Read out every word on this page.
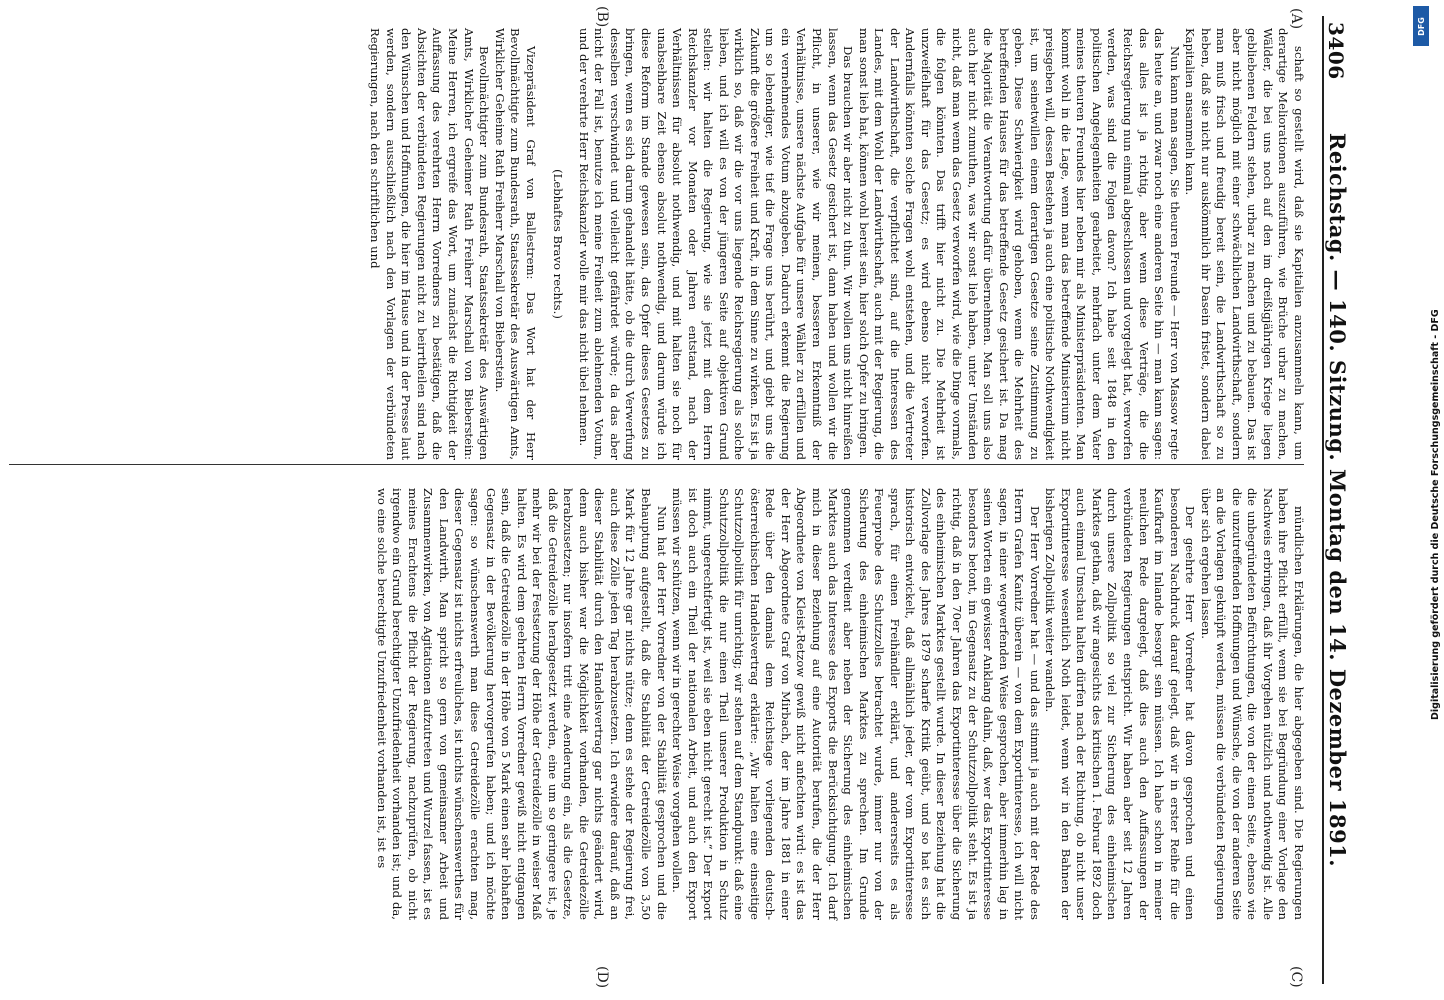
3406
Reichstag. — 140. Sitzung. Montag den 14. Dezember 1891.
(A)
(B)
(C)
(D)

schaft so gestellt wird, daß sie Kapitalien anzusammeln kann, um derartige Meliorationen auszuführen, wie Brüche urbar zu machen, Wälder, die bei uns noch auf den im dreißigjährigen Kriege liegen gebliebenen Feldern stehen, urbar zu machen und zu bebauen. Das ist aber nicht möglich mit einer schwächlichen Landwirthschaft, sondern man muß frisch und freudig bereit sein, die Landwirthschaft so zu heben, daß sie nicht nur auskömmlich ihr Dasein fristet, sondern dabei Kapitalien ansammeln kann.

Nun kann man sagen, Sie theuren Freunde — Herr von Massow regte das heute an, und zwar noch eine anderen Seite hin — man kann sagen: das alles ist ja richtig, aber wenn diese Verträge, die die Reichsregierung nun einmal abgeschlossen und vorgelegt hat, verworfen werden, was sind die Folgen davon? Ich habe seit 1848 in den politischen Angelegenheiten gearbeitet, mehrfach unter dem Vater meines theuren Freundes hier neben mir als Ministerpräsidenten. Man kommt wohl in die Lage, wenn man das betreffende Ministerium nicht preisgeben will, dessen Bestehen ja auch eine politische Nothwendigkeit ist, um seinetwillen einem derartigen Gesetze seine Zustimmung zu geben. Diese Schwierigkeit wird gehoben, wenn die Mehrheit des betreffenden Hauses für das betreffende Gesetz gesichert ist. Da mag die Majorität die Verantwortung dafür übernehmen. Man soll uns also auch hier nicht zumuthen, was wir sonst lieb haben, unter Umständen nicht, daß man wenn das Gesetz verworfen wird, wie die Dinge vormals, die folgen könnten. Das trifft hier nicht zu. Die Mehrheit ist unzweifelhaft für das Gesetz; es wird ebenso nicht verworfen. Andernfalls könnten solche Fragen wohl entstehen, und die Vertreter der Landwirthschaft, die verpflichtet sind, auf die Interessen des Landes, mit dem Wohl der Landwirthschaft, auch mit der Regierung, die man sonst lieb hat, können wohl bereit sein, hier solch Opfer zu bringen.

Das brauchen wir aber nicht zu thun. Wir wollen uns nicht hinreißen lassen, wenn das Gesetz gesichert ist, dann haben und wollen wir die Pflicht, in unserer, wie wir meinen, besseren Erkenntniß der Verhältnisse, unsere nächste Aufgabe für unsere Wähler zu erfüllen und ein vernehmendes Votum abzugeben. Dadurch erkennt die Regierung um so lebendiger, wie tief die Frage uns berührt, und giebt uns die Zukunft die größere Freiheit und Kraft, in dem Sinne zu wirken. Es ist ja wirklich so, daß wir die vor uns liegende Reichsregierung als solche lieben, und ich will es von der jüngeren Seite auf objektiven Grund stellen: wir halten die Regierung, wie sie jetzt mit dem Herrn Reichskanzler vor Monaten oder Jahren entstand, nach der Verhältnissen für absolut nothwendig, und mit halten sie noch für unabsehbare Zeit ebenso absolut nothwendig, und darum würde ich diese Reform im Stande gewesen sein, das Opfer dieses Gesetzes zu bringen, wenn es sich darum gehandelt hätte, ob die durch Verwerfung desselben verschwindet und vielleicht gefährdet würde; da das aber nicht der Fall ist, benutze ich meine Freiheit zum ablehnenden Votum, und der verehrte Herr Reichskanzler wolle mir das nicht übel nehmen.

(Lebhaftes Bravo rechts.)

Vizepräsident Graf von Ballestrem: Das Wort hat der Herr Bevollmächtigte zum Bundesrath, Staatssekretär des Auswärtigen Amts, Wirklicher Geheime Rath Freiherr Marschall von Bieberstein.

Bevollmächtigter zum Bundesrath, Staatssekretär des Auswärtigen Amts, Wirklicher Geheimer Rath Freiherr Marschall von Bieberstein: Meine Herren, ich ergreife das Wort, um zunächst die Richtigkeit der Auffassung des verehrten Herrn Vorredners zu bestätigen, daß die Absichten der verbündeten Regierungen nicht zu beirrtheilen sind nach den Wünschen und Hoffnungen, die hier im Hause und in der Presse laut werden, sondern ausschließlich nach den Vorlagen der verbündeten Regierungen, nach den schriftlichen und

mündlichen Erklärungen, die hier abgegeben sind. Die Regierungen haben ihre Pflicht erfüllt, wenn sie bei Begründung einer Vorlage den Nachweis erbringen, daß ihr Vorgehen nützlich und nothwendig ist. Alle die unbegründeten Befürchtungen, die von der einen Seite, ebenso wie die unzutreffenden Hoffnungen und Wünsche, die von der anderen Seite an die Vorlagen geknüpft werden, müssen die verbündeten Regierungen über sich ergehen lassen.

Der geehrte Herr Vorredner hat davon gesprochen und einen besonderen Nachdruck darauf gelegt, daß wir in erster Reihe für die Kaufkraft im Inlande besorgt sein müssen. Ich habe schon in meiner neulichen Rede dargelegt, daß dies auch den Auffassungen der verbündeten Regierungen entspricht. Wir haben aber seit 12 Jahren durch unsere Zollpolitik so viel zur Sicherung des einheimischen Marktes gethan, daß wir angesichts des kritischen 1. Februar 1892 doch auch einmal Umschau halten dürfen nach der Richtung, ob nicht unser Exportinteresse wesentlich Noth leidet, wenn wir in den Bahnen der bisherigen Zollpolitik weiter wandeln.

Der Herr Vorredner hat — und das stimmt ja auch mit der Rede des Herrn Grafen Kanitz überein — von dem Exportinteresse, ich will nicht sagen, in einer wegwerfenden Weise gesprochen, aber immerhin lag in seinen Worten ein gewisser Anklang dahin, daß, wer das Exportinteresse besonders betont, im Gegensatz zu der Schutzzollpolitik steht. Es ist ja richtig, daß in den 70er Jahren das Exportinteresse über die Sicherung des einheimischen Marktes gestellt wurde. In dieser Beziehung hat die Zollvorlage des Jahres 1879 scharfe Kritik geübt, und so hat es sich historisch entwickelt, daß allmählich jeder, der vom Exportinteresse sprach, für einen Freihändler erklärt, und andererseits es als Feuerprobe des Schutzzolles betrachtet wurde, immer nur von der Sicherung des einheimischen Marktes zu sprechen. Im Grunde genommen verdient aber neben der Sicherung des einheimischen Marktes auch das Interesse des Exports die Berücksichtigung. Ich darf mich in dieser Beziehung auf eine Autorität berufen, die der Herr Abgeordnete von Kleist-Retzow gewiß nicht anfechten wird: es ist das der Herr Abgeordnete Graf von Mirbach, der im Jahre 1881 in einer Rede über den damals dem Reichstage vorliegenden deutsch-österreichischen Handelsvertrag erklärte: „Wir halten eine einseitige Schutzzollpolitik für unrichtig; wir stehen auf dem Standpunkt: daß eine Schutzzollpolitik die nur einen Theil unserer Produktion in Schutz nimmt, ungerechtfertigt ist, weil sie eben nicht gerecht ist.“ Der Export ist doch auch ein Theil der nationalen Arbeit, und auch den Export müssen wir schützen, wenn wir in gerechter Weise vorgehen wollen.

Nun hat der Herr Vorredner von der Stabilität gesprochen und die Behauptung aufgestellt, daß die Stabilität der Getreidezölle von 3,50 Mark für 12 Jahre gar nichts nütze; denn es stehe der Regierung frei, auch diese Zölle jeden Tag herabzusetzen. Ich erwidere darauf, daß an dieser Stabilität durch den Handelsvertrag gar nichts geändert wird, denn auch bisher war die Möglichkeit vorhanden, die Getreidezölle herabzusetzen; nur insofern tritt eine Aenderung ein, als die Gesetze, daß die Getreidezölle herabgesetzt werden, eine um so geringere ist, je mehr wir bei der Festsetzung der Höhe der Getreidezölle in weiser Maß halten. Es wird dem geehrten Herrn Vorredner gewiß nicht entgangen sein, daß die Getreidezölle in der Höhe von 5 Mark einen sehr lebhaften Gegensatz in der Bevölkerung hervorgerufen haben; und ich möchte sagen: so wünschenswerth man diese Getreidezölle erachten mag, dieser Gegensatz ist nichts erfreuliches, ist nichts wünschenswerthes für den Landwirth. Man spricht so gern von gemeinsamer Arbeit und Zusammenwirken, von Agitationen aufzutreten und Wurzel fassen, ist es meines Erachtens die Pflicht der Regierung, nachzuprüfen, ob nicht irgendwo ein Grund berechtigter Unzufriedenheit vorhanden ist; und da, wo eine solche berechtigte Unzufriedenheit vorhanden ist, ist es

DFG
Digitalisierung gefördert durch die Deutsche Forschungsgemeinschaft - DFG
